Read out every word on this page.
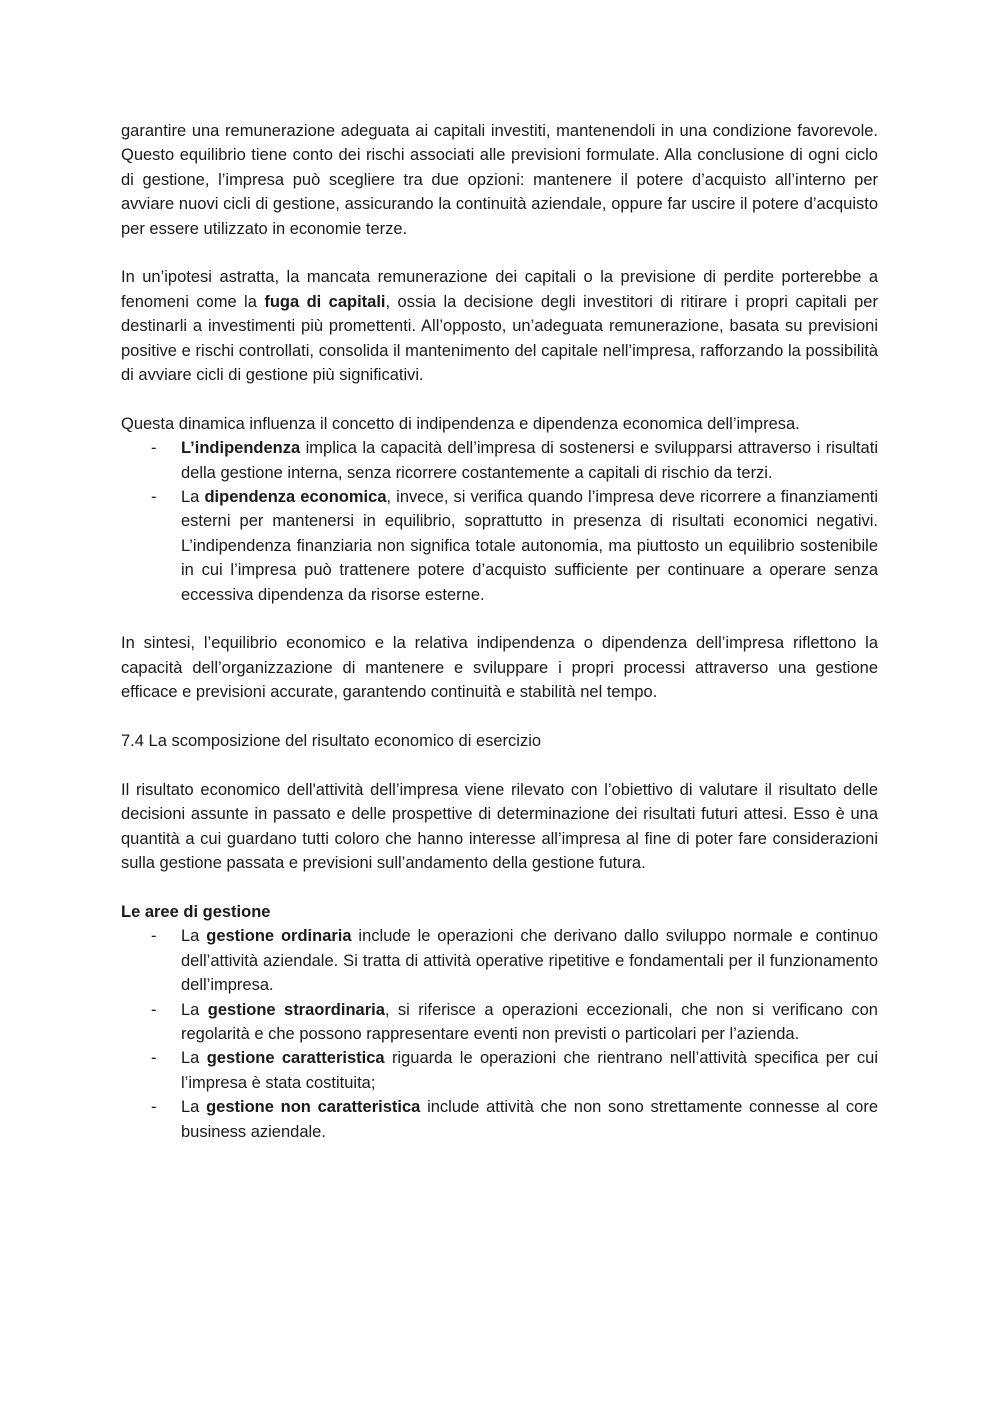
garantire una remunerazione adeguata ai capitali investiti, mantenendoli in una condizione favorevole. Questo equilibrio tiene conto dei rischi associati alle previsioni formulate. Alla conclusione di ogni ciclo di gestione, l’impresa può scegliere tra due opzioni: mantenere il potere d’acquisto all’interno per avviare nuovi cicli di gestione, assicurando la continuità aziendale, oppure far uscire il potere d’acquisto per essere utilizzato in economie terze.

In un’ipotesi astratta, la mancata remunerazione dei capitali o la previsione di perdite porterebbe a fenomeni come la fuga di capitali, ossia la decisione degli investitori di ritirare i propri capitali per destinarli a investimenti più promettenti. All’opposto, un’adeguata remunerazione, basata su previsioni positive e rischi controllati, consolida il mantenimento del capitale nell’impresa, rafforzando la possibilità di avviare cicli di gestione più significativi.

Questa dinamica influenza il concetto di indipendenza e dipendenza economica dell’impresa.

- L’indipendenza implica la capacità dell’impresa di sostenersi e svilupparsi attraverso i risultati della gestione interna, senza ricorrere costantemente a capitali di rischio da terzi.
- La dipendenza economica, invece, si verifica quando l’impresa deve ricorrere a finanziamenti esterni per mantenersi in equilibrio, soprattutto in presenza di risultati economici negativi. L’indipendenza finanziaria non significa totale autonomia, ma piuttosto un equilibrio sostenibile in cui l’impresa può trattenere potere d’acquisto sufficiente per continuare a operare senza eccessiva dipendenza da risorse esterne.

In sintesi, l’equilibrio economico e la relativa indipendenza o dipendenza dell’impresa riflettono la capacità dell’organizzazione di mantenere e sviluppare i propri processi attraverso una gestione efficace e previsioni accurate, garantendo continuità e stabilità nel tempo.

7.4 La scomposizione del risultato economico di esercizio

Il risultato economico dell'attività dell’impresa viene rilevato con l’obiettivo di valutare il risultato delle decisioni assunte in passato e delle prospettive di determinazione dei risultati futuri attesi. Esso è una quantità a cui guardano tutti coloro che hanno interesse all’impresa al fine di poter fare considerazioni sulla gestione passata e previsioni sull’andamento della gestione futura.

Le aree di gestione

- La gestione ordinaria include le operazioni che derivano dallo sviluppo normale e continuo dell’attività aziendale. Si tratta di attività operative ripetitive e fondamentali per il funzionamento dell’impresa.
- La gestione straordinaria, si riferisce a operazioni eccezionali, che non si verificano con regolarità e che possono rappresentare eventi non previsti o particolari per l’azienda.
- La gestione caratteristica riguarda le operazioni che rientrano nell’attività specifica per cui l’impresa è stata costituita;
- La gestione non caratteristica include attività che non sono strettamente connesse al core business aziendale.
